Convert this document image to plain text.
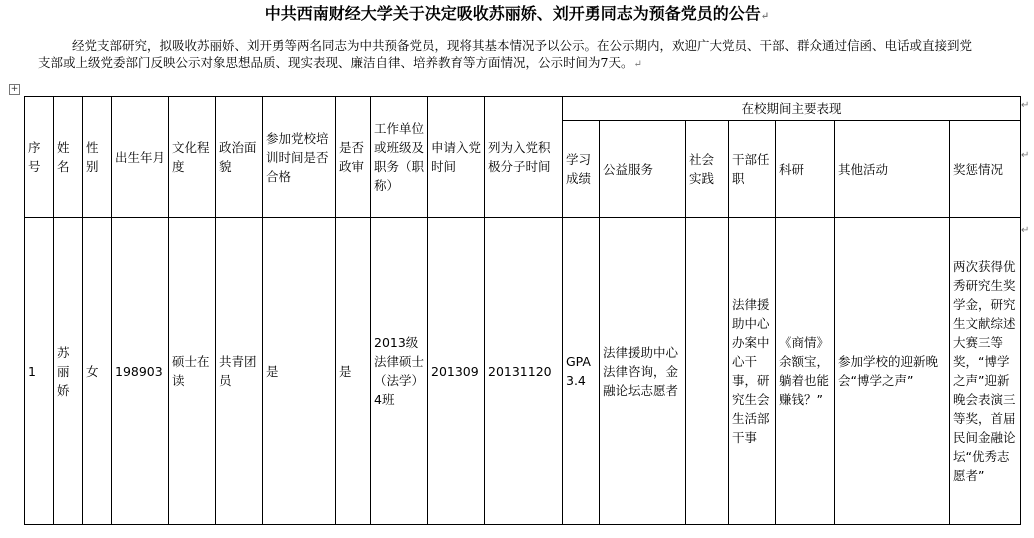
中共西南财经大学关于决定吸收苏丽娇、刘开勇同志为预备党员的公告↵
经党支部研究，拟吸收苏丽娇、刘开勇等两名同志为中共预备党员，现将其基本情况予以公示。在公示期内，欢迎广大党员、干部、群众通过信函、电话或直接到党支部或上级党委部门反映公示对象思想品质、现实表现、廉洁自律、培养教育等方面情况，公示时间为7天。↵
+
序号	姓名	性别	出生年月	文化程度	政治面貌	参加党校培训时间是否合格	是否政审	工作单位或班级及职务（职称）	申请入党时间	列为入党积极分子时间	在校期间主要表现						
											学习成绩	公益服务	社会实践	干部任职	科研	其他活动	奖惩情况
1	苏丽娇	女	198903	硕士在读	共青团员	是	是	2013级法律硕士（法学）4班	201309	20131120	GPA 3.4	法律援助中心法律咨询，金融论坛志愿者		法律援助中心办案中心干事，研究生会生活部干事	《商情》余额宝，躺着也能赚钱？”	参加学校的迎新晚会“博学之声”	两次获得优秀研究生奖学金，研究生文献综述大赛三等奖，“博学之声”迎新晚会表演三等奖，首届民间金融论坛“优秀志愿者”
↵
↵
↵
